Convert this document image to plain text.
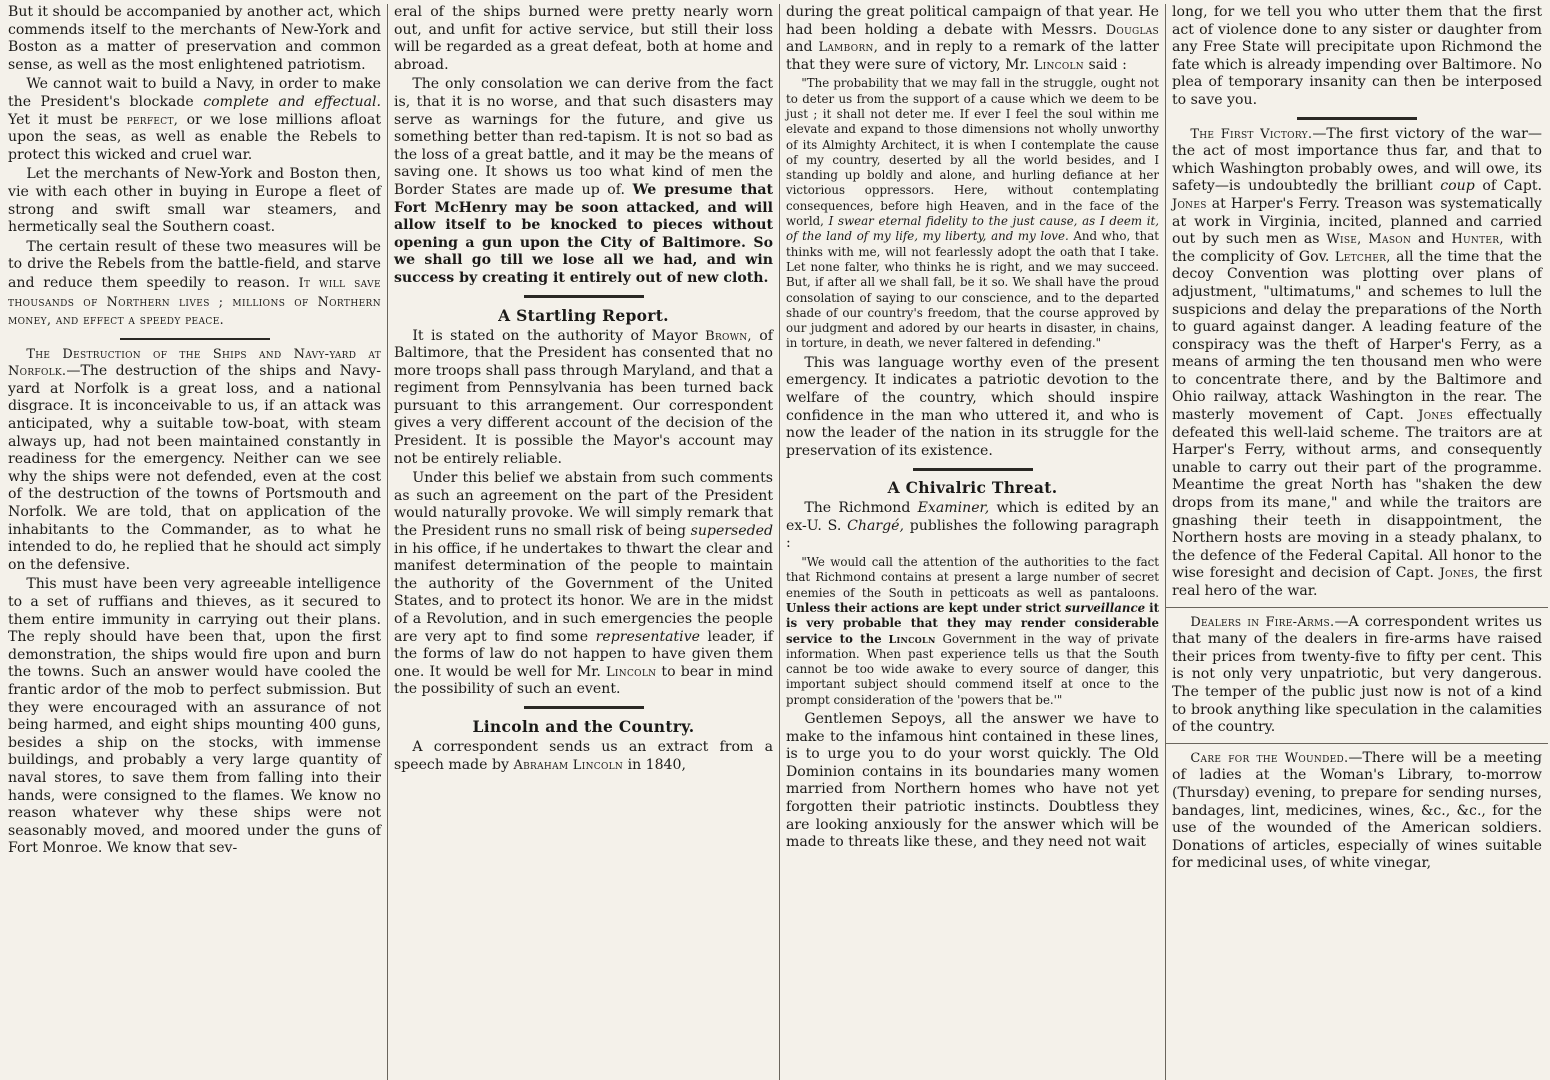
But it should be accompanied by another act, which commends itself to the merchants of New-York and Boston as a matter of preservation and common sense, as well as the most enlightened patriotism.

We cannot wait to build a Navy, in order to make the President's blockade complete and effectual. Yet it must be perfect, or we lose millions afloat upon the seas, as well as enable the Rebels to protect this wicked and cruel war.

Let the merchants of New-York and Boston then, vie with each other in buying in Europe a fleet of strong and swift small war steamers, and hermetically seal the Southern coast.

The certain result of these two measures will be to drive the Rebels from the battle-field, and starve and reduce them speedily to reason. It will save thousands of Northern lives ; millions of Northern money, and effect a speedy peace.

The Destruction of the Ships and Navy-yard at Norfolk.—The destruction of the ships and Navy-yard at Norfolk is a great loss, and a national disgrace. It is inconceivable to us, if an attack was anticipated, why a suitable tow-boat, with steam always up, had not been maintained constantly in readiness for the emergency. Neither can we see why the ships were not defended, even at the cost of the destruction of the towns of Portsmouth and Norfolk. We are told, that on application of the inhabitants to the Commander, as to what he intended to do, he replied that he should act simply on the defensive.

This must have been very agreeable intelligence to a set of ruffians and thieves, as it secured to them entire immunity in carrying out their plans. The reply should have been that, upon the first demonstration, the ships would fire upon and burn the towns. Such an answer would have cooled the frantic ardor of the mob to perfect submission. But they were encouraged with an assurance of not being harmed, and eight ships mounting 400 guns, besides a ship on the stocks, with immense buildings, and probably a very large quantity of naval stores, to save them from falling into their hands, were consigned to the flames. We know no reason whatever why these ships were not seasonably moved, and moored under the guns of Fort Monroe. We know that sev-

eral of the ships burned were pretty nearly worn out, and unfit for active service, but still their loss will be regarded as a great defeat, both at home and abroad.

The only consolation we can derive from the fact is, that it is no worse, and that such disasters may serve as warnings for the future, and give us something better than red-tapism. It is not so bad as the loss of a great battle, and it may be the means of saving one. It shows us too what kind of men the Border States are made up of. We presume that Fort McHenry may be soon attacked, and will allow itself to be knocked to pieces without opening a gun upon the City of Baltimore. So we shall go till we lose all we had, and win success by creating it entirely out of new cloth.

A Startling Report.

It is stated on the authority of Mayor Brown, of Baltimore, that the President has consented that no more troops shall pass through Maryland, and that a regiment from Pennsylvania has been turned back pursuant to this arrangement. Our correspondent gives a very different account of the decision of the President. It is possible the Mayor's account may not be entirely reliable.

Under this belief we abstain from such comments as such an agreement on the part of the President would naturally provoke. We will simply remark that the President runs no small risk of being superseded in his office, if he undertakes to thwart the clear and manifest determination of the people to maintain the authority of the Government of the United States, and to protect its honor. We are in the midst of a Revolution, and in such emergencies the people are very apt to find some representative leader, if the forms of law do not happen to have given them one. It would be well for Mr. Lincoln to bear in mind the possibility of such an event.

Lincoln and the Country.

A correspondent sends us an extract from a speech made by Abraham Lincoln in 1840,

during the great political campaign of that year. He had been holding a debate with Messrs. Douglas and Lamborn, and in reply to a remark of the latter that they were sure of victory, Mr. Lincoln said :

"The probability that we may fall in the struggle, ought not to deter us from the support of a cause which we deem to be just ; it shall not deter me. If ever I feel the soul within me elevate and expand to those dimensions not wholly unworthy of its Almighty Architect, it is when I contemplate the cause of my country, deserted by all the world besides, and I standing up boldly and alone, and hurling defiance at her victorious oppressors. Here, without contemplating consequences, before high Heaven, and in the face of the world, I swear eternal fidelity to the just cause, as I deem it, of the land of my life, my liberty, and my love. And who, that thinks with me, will not fearlessly adopt the oath that I take. Let none falter, who thinks he is right, and we may succeed. But, if after all we shall fall, be it so. We shall have the proud consolation of saying to our conscience, and to the departed shade of our country's freedom, that the course approved by our judgment and adored by our hearts in disaster, in chains, in torture, in death, we never faltered in defending."

This was language worthy even of the present emergency. It indicates a patriotic devotion to the welfare of the country, which should inspire confidence in the man who uttered it, and who is now the leader of the nation in its struggle for the preservation of its existence.

A Chivalric Threat.

The Richmond Examiner, which is edited by an ex-U. S. Chargé, publishes the following paragraph :

"We would call the attention of the authorities to the fact that Richmond contains at present a large number of secret enemies of the South in petticoats as well as pantaloons. Unless their actions are kept under strict surveillance it is very probable that they may render considerable service to the Lincoln Government in the way of private information. When past experience tells us that the South cannot be too wide awake to every source of danger, this important subject should commend itself at once to the prompt consideration of the 'powers that be.'"

Gentlemen Sepoys, all the answer we have to make to the infamous hint contained in these lines, is to urge you to do your worst quickly. The Old Dominion contains in its boundaries many women married from Northern homes who have not yet forgotten their patriotic instincts. Doubtless they are looking anxiously for the answer which will be made to threats like these, and they need not wait

long, for we tell you who utter them that the first act of violence done to any sister or daughter from any Free State will precipitate upon Richmond the fate which is already impending over Baltimore. No plea of temporary insanity can then be interposed to save you.

The First Victory.—The first victory of the war—the act of most importance thus far, and that to which Washington probably owes, and will owe, its safety—is undoubtedly the brilliant coup of Capt. Jones at Harper's Ferry. Treason was systematically at work in Virginia, incited, planned and carried out by such men as Wise, Mason and Hunter, with the complicity of Gov. Letcher, all the time that the decoy Convention was plotting over plans of adjustment, "ultimatums," and schemes to lull the suspicions and delay the preparations of the North to guard against danger. A leading feature of the conspiracy was the theft of Harper's Ferry, as a means of arming the ten thousand men who were to concentrate there, and by the Baltimore and Ohio railway, attack Washington in the rear. The masterly movement of Capt. Jones effectually defeated this well-laid scheme. The traitors are at Harper's Ferry, without arms, and consequently unable to carry out their part of the programme. Meantime the great North has "shaken the dew drops from its mane," and while the traitors are gnashing their teeth in disappointment, the Northern hosts are moving in a steady phalanx, to the defence of the Federal Capital. All honor to the wise foresight and decision of Capt. Jones, the first real hero of the war.

Dealers in Fire-Arms.—A correspondent writes us that many of the dealers in fire-arms have raised their prices from twenty-five to fifty per cent. This is not only very unpatriotic, but very dangerous. The temper of the public just now is not of a kind to brook anything like speculation in the calamities of the country.

Care for the Wounded.—There will be a meeting of ladies at the Woman's Library, to-morrow (Thursday) evening, to prepare for sending nurses, bandages, lint, medicines, wines, &c., &c., for the use of the wounded of the American soldiers. Donations of articles, especially of wines suitable for medicinal uses, of white vinegar,
